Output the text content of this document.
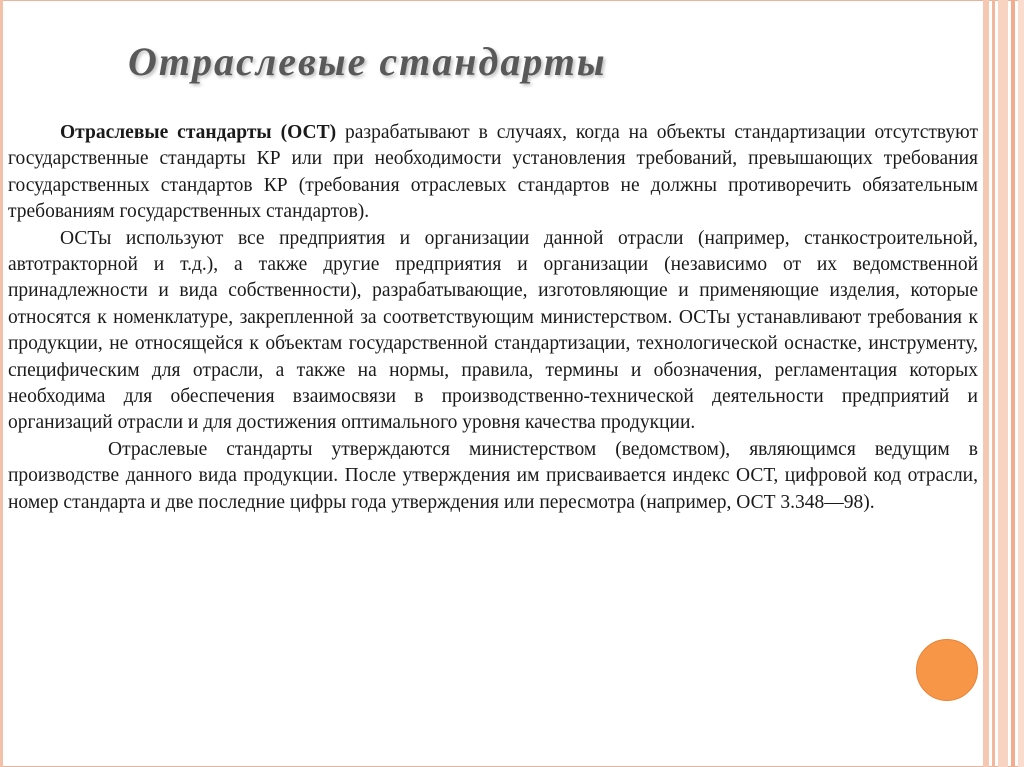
Отраслевые стандарты

Отраслевые стандарты (ОСТ) разрабатывают в случаях, когда на объекты стандартизации отсутствуют государственные стандарты КР или при необходимости установления требований, превышающих требования государственных стандартов КР (требования отраслевых стандартов не должны противоречить обязательным требованиям государственных стандартов).

ОСТы используют все предприятия и организации данной отрасли (например, станкостроительной, автотракторной и т.д.), а также другие предприятия и организации (независимо от их ведомственной принадлежности и вида собственности), разрабатывающие, изготовляющие и применяющие изделия, которые относятся к номенклатуре, закрепленной за соответствующим министерством. ОСТы устанавливают требования к продукции, не относящейся к объектам государственной стандартизации, технологической оснастке, инструменту, специфическим для отрасли, а также на нормы, правила, термины и обозначения, регламентация которых необходима для обеспечения взаимосвязи в производственно-технической деятельности предприятий и организаций отрасли и для достижения оптимального уровня качества продукции.

Отраслевые стандарты утверждаются министерством (ведомством), являющимся ведущим в производстве данного вида продукции. После утверждения им присваивается индекс ОСТ, цифровой код отрасли, номер стандарта и две последние цифры года утверждения или пересмотра (например, ОСТ 3.348—98).
